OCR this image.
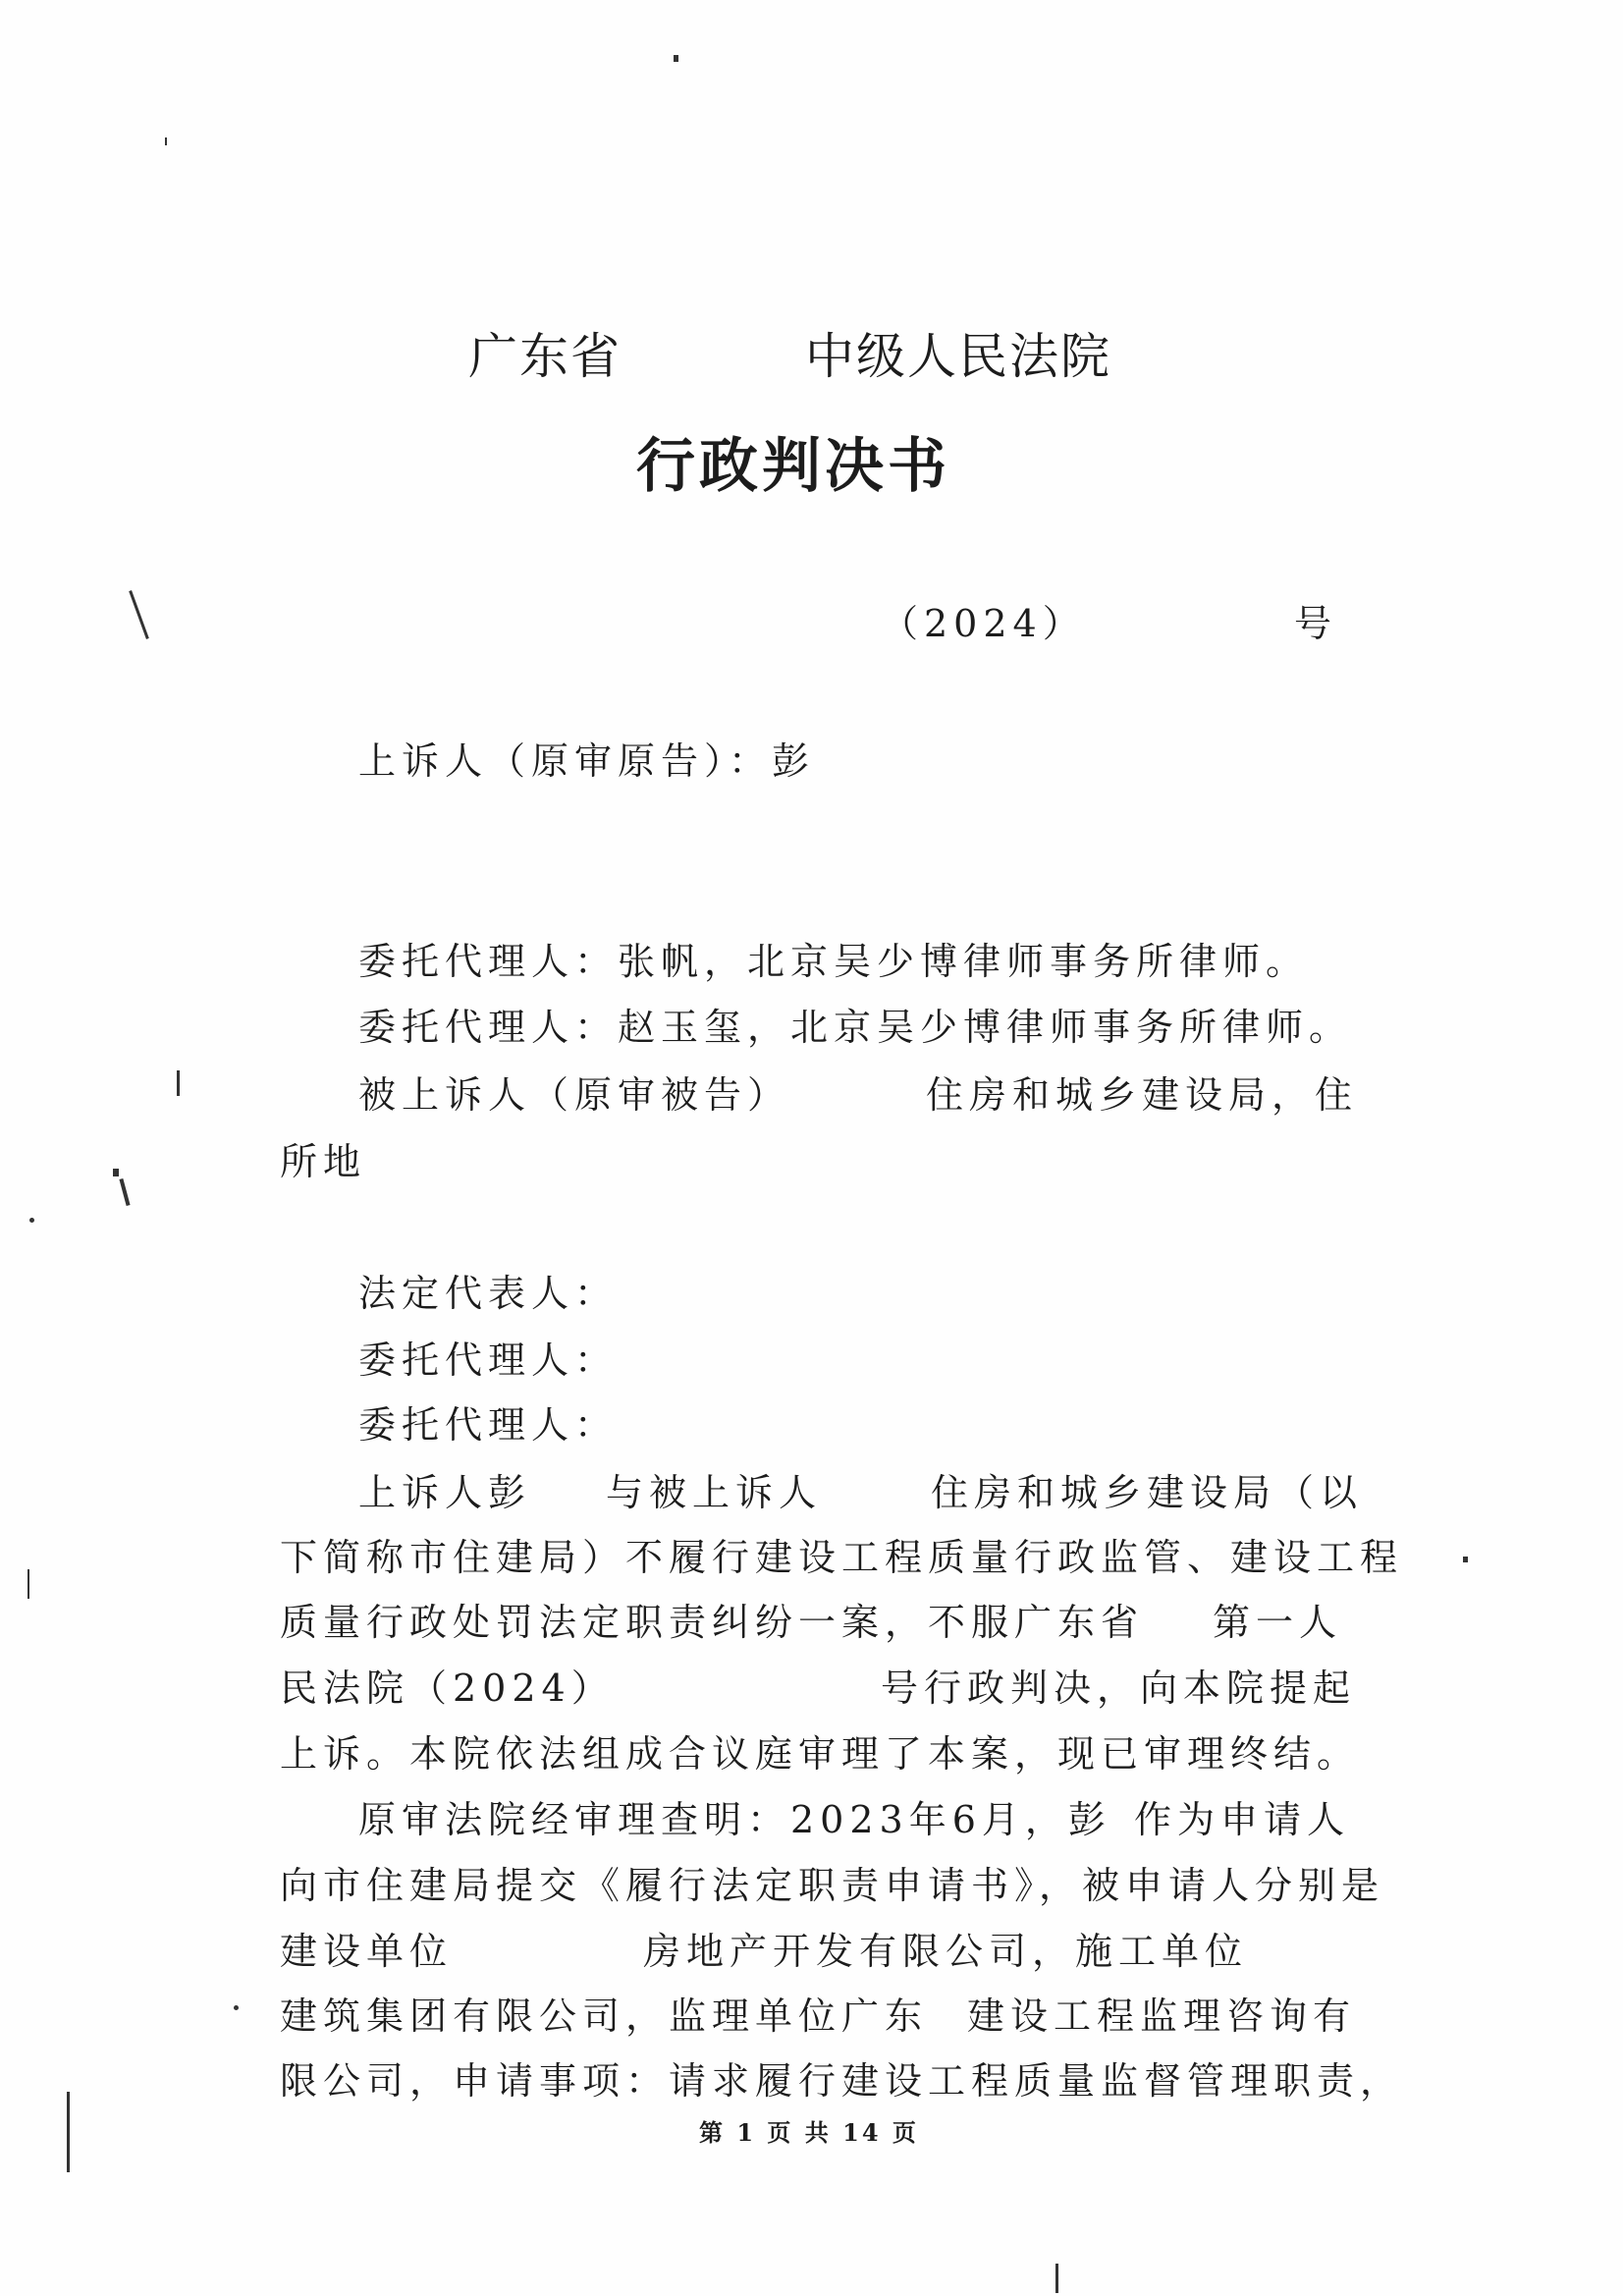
广东省	中级人民法院
行政判决书
（2024）	号
上诉人（原审原告）：彭
委托代理人：张帆，北京吴少博律师事务所律师。
委托代理人：赵玉玺，北京吴少博律师事务所律师。
被上诉人（原审被告）	住房和城乡建设局，住
所地
法定代表人：
委托代理人：
委托代理人：
上诉人彭 与被上诉人	住房和城乡建设局（以
下简称市住建局）不履行建设工程质量行政监管、建设工程
质量行政处罚法定职责纠纷一案，不服广东省 第一人
民法院（2024）	号行政判决，向本院提起
上诉。本院依法组成合议庭审理了本案，现已审理终结。
原审法院经审理查明：2023年6月，彭 作为申请人
向市住建局提交《履行法定职责申请书》，被申请人分别是
建设单位	房地产开发有限公司，施工单位
建筑集团有限公司，监理单位广东 建设工程监理咨询有
限公司，申请事项：请求履行建设工程质量监督管理职责，
第 1 页 共 14 页
